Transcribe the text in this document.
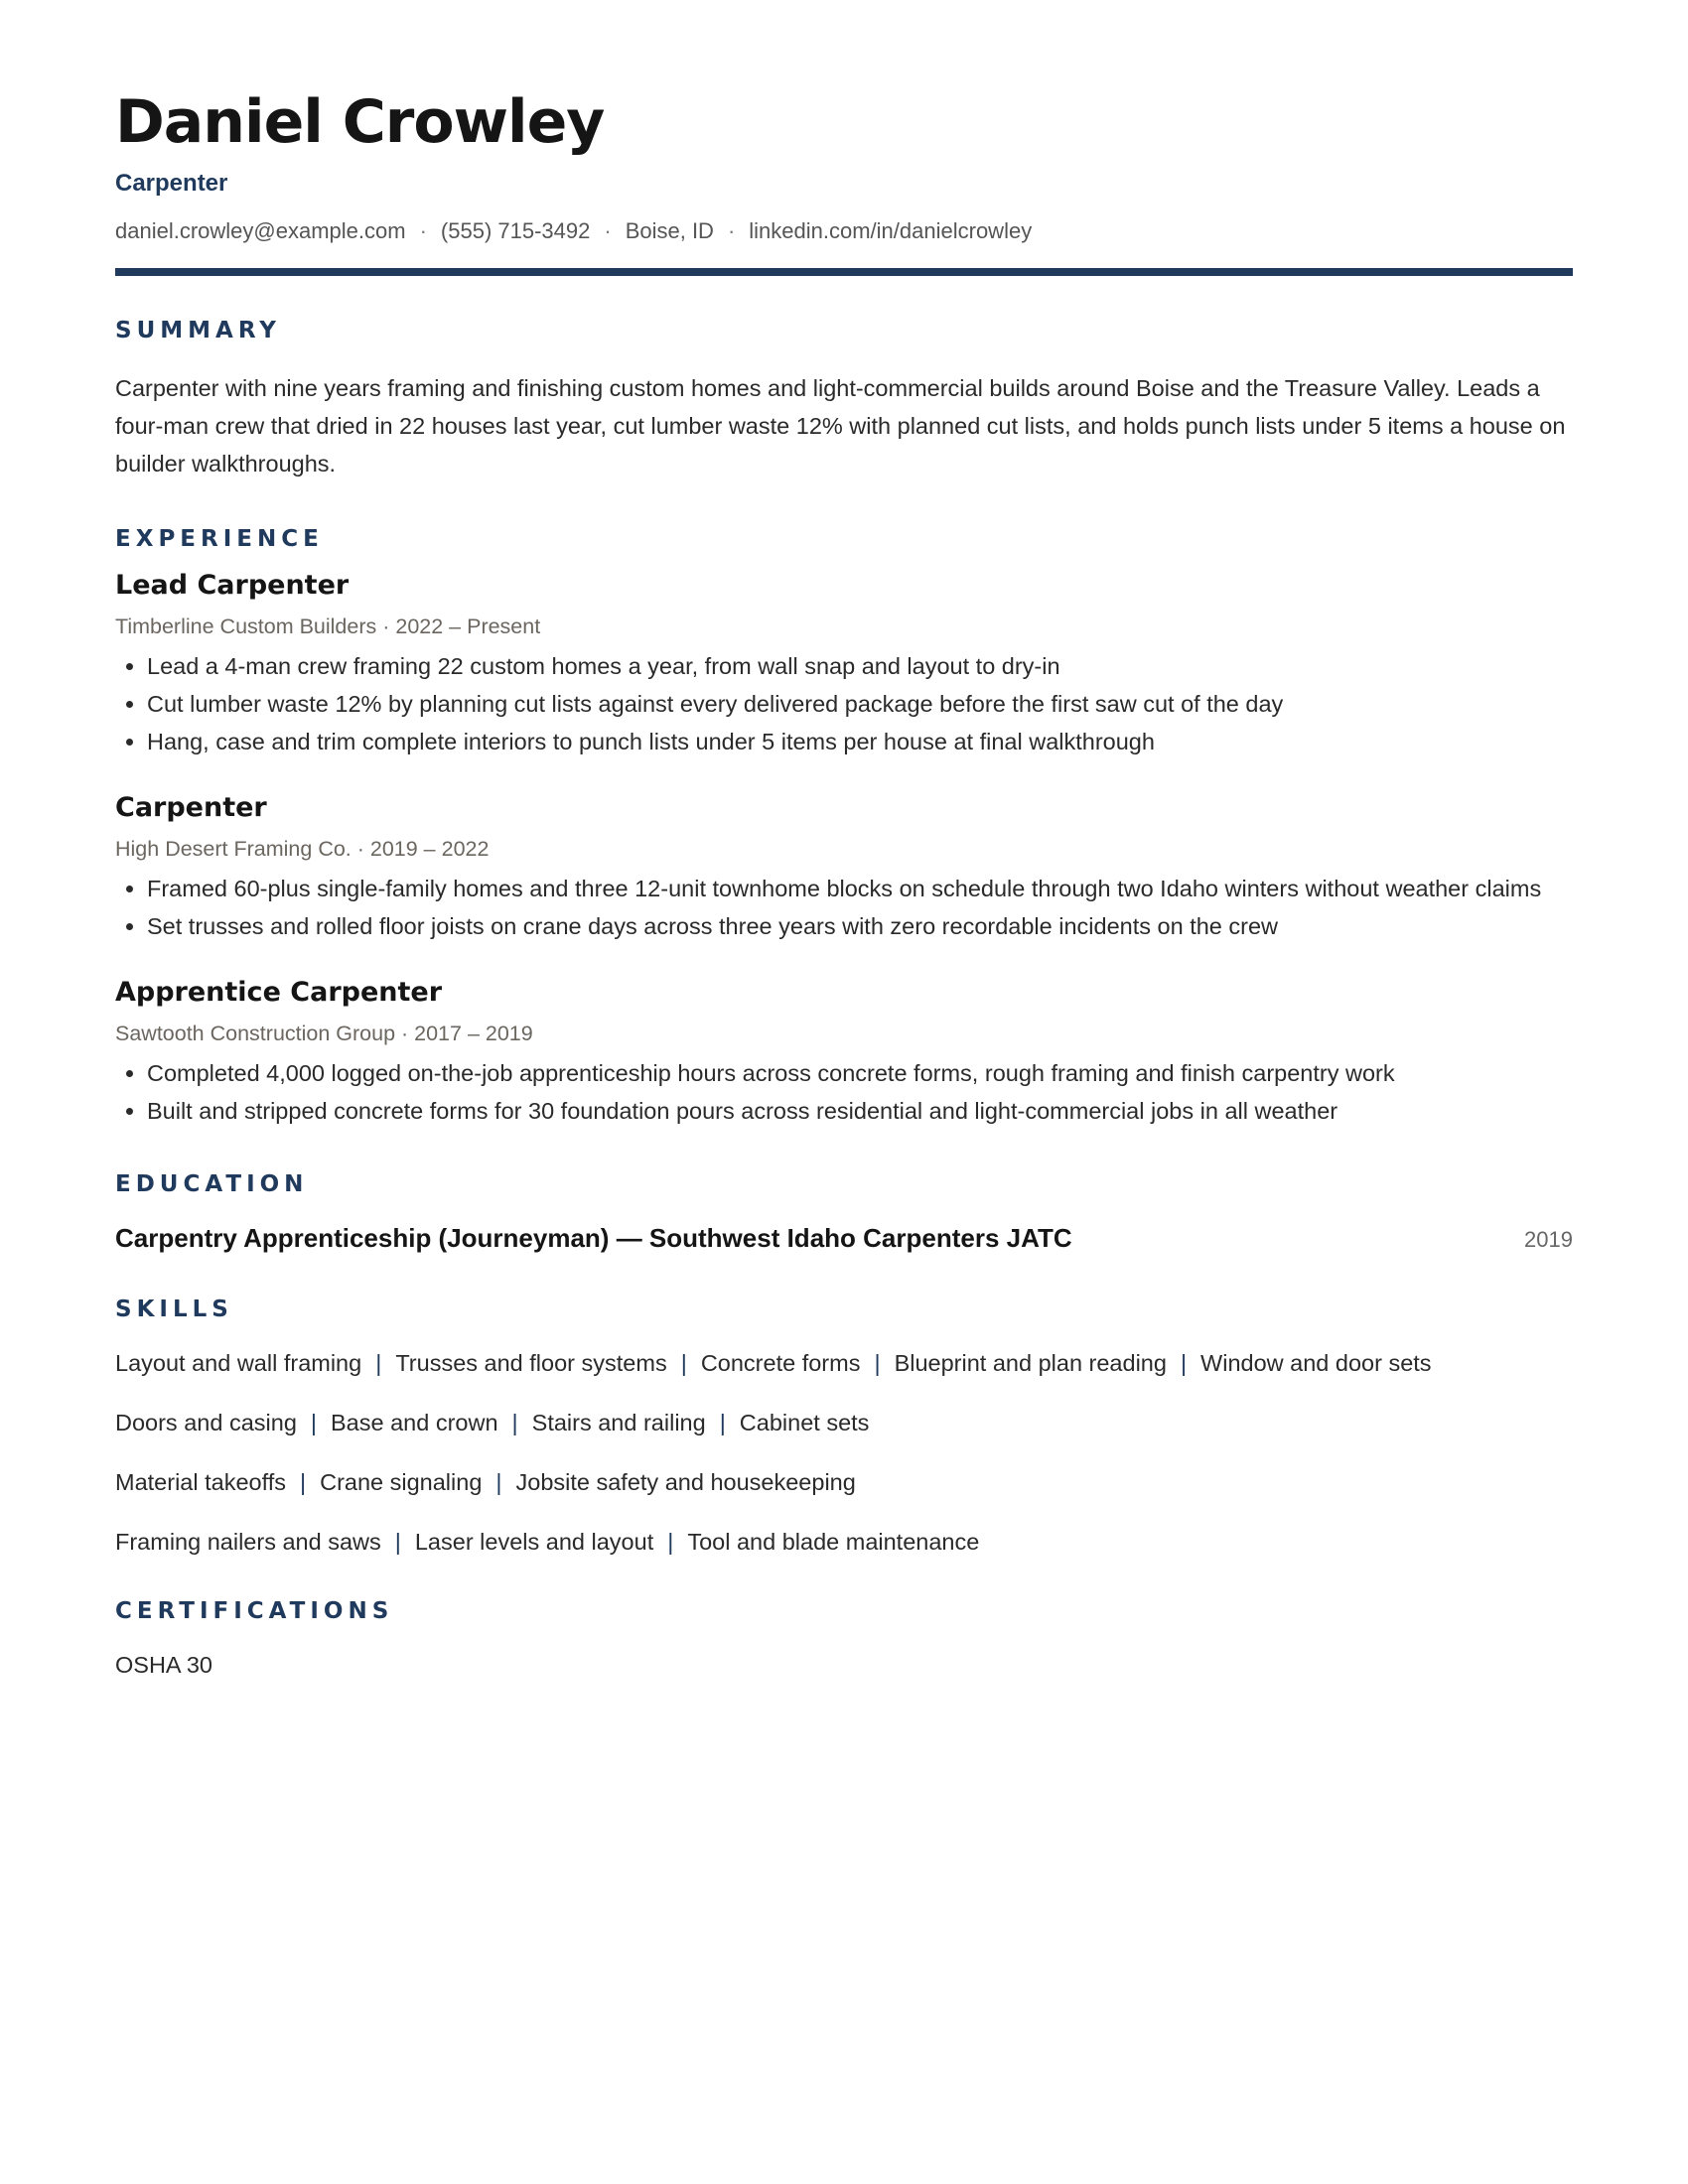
Daniel Crowley
Carpenter
daniel.crowley@example.com · (555) 715-3492 · Boise, ID · linkedin.com/in/danielcrowley
SUMMARY
Carpenter with nine years framing and finishing custom homes and light-commercial builds around Boise and the Treasure Valley. Leads a four-man crew that dried in 22 houses last year, cut lumber waste 12% with planned cut lists, and holds punch lists under 5 items a house on builder walkthroughs.
EXPERIENCE
Lead Carpenter
Timberline Custom Builders · 2022 – Present
• Lead a 4-man crew framing 22 custom homes a year, from wall snap and layout to dry-in
• Cut lumber waste 12% by planning cut lists against every delivered package before the first saw cut of the day
• Hang, case and trim complete interiors to punch lists under 5 items per house at final walkthrough
Carpenter
High Desert Framing Co. · 2019 – 2022
• Framed 60-plus single-family homes and three 12-unit townhome blocks on schedule through two Idaho winters without weather claims
• Set trusses and rolled floor joists on crane days across three years with zero recordable incidents on the crew
Apprentice Carpenter
Sawtooth Construction Group · 2017 – 2019
• Completed 4,000 logged on-the-job apprenticeship hours across concrete forms, rough framing and finish carpentry work
• Built and stripped concrete forms for 30 foundation pours across residential and light-commercial jobs in all weather
EDUCATION
Carpentry Apprenticeship (Journeyman) — Southwest Idaho Carpenters JATC	2019
SKILLS
Layout and wall framing | Trusses and floor systems | Concrete forms | Blueprint and plan reading | Window and door sets
Doors and casing | Base and crown | Stairs and railing | Cabinet sets
Material takeoffs | Crane signaling | Jobsite safety and housekeeping
Framing nailers and saws | Laser levels and layout | Tool and blade maintenance
CERTIFICATIONS
OSHA 30
